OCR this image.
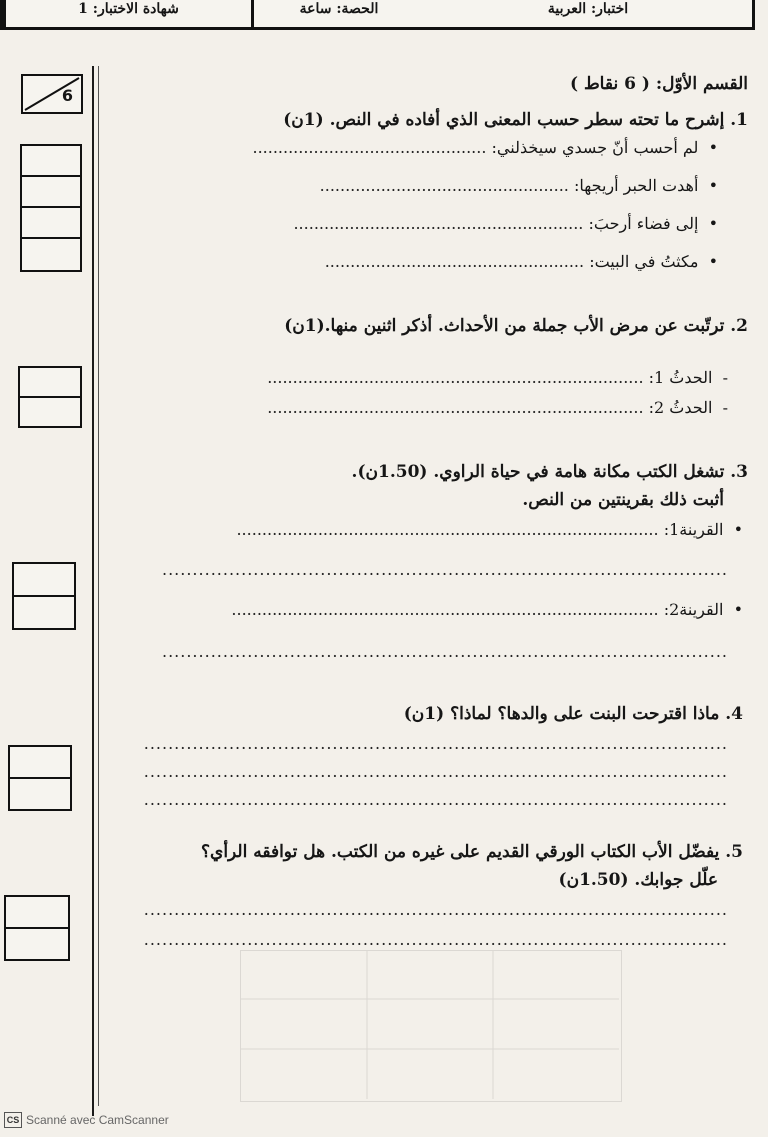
اختبار: العربية
الحصة: ساعة
شهادة الاختبار: 1
6
القسم الأوّل: ( 6 نقاط )
1. إشرح ما تحته سطر حسب المعنى الذي أفاده في النص. (1ن)
•  لم أحسب أنّ جسدي سيخذلني: ..............................................
•  أهدت الحبر أريجها: .................................................
•  إلى فضاء أرحبَ: .........................................................
•  مكثتُ في البيت: ...................................................
2. ترتّبت عن مرض الأب جملة من الأحداث. أذكر اثنين منها.(1ن)
-  الحدثُ 1: ..........................................................................
-  الحدثُ 2: ..........................................................................
3. تشغل الكتب مكانة هامة في حياة الراوي. (1.50ن).
أثبت ذلك بقرينتين من النص.
•  القرينة1: ...................................................................................
.............................................................................................
•  القرينة2: ....................................................................................
.............................................................................................
4. ماذا اقترحت البنت على والدها؟ لماذا؟ (1ن)
................................................................................................
................................................................................................
................................................................................................
5. يفضّل الأب الكتاب الورقي القديم على غيره من الكتب. هل توافقه الرأي؟
علّل جوابك. (1.50ن)
................................................................................................
................................................................................................
CS Scanné avec CamScanner
